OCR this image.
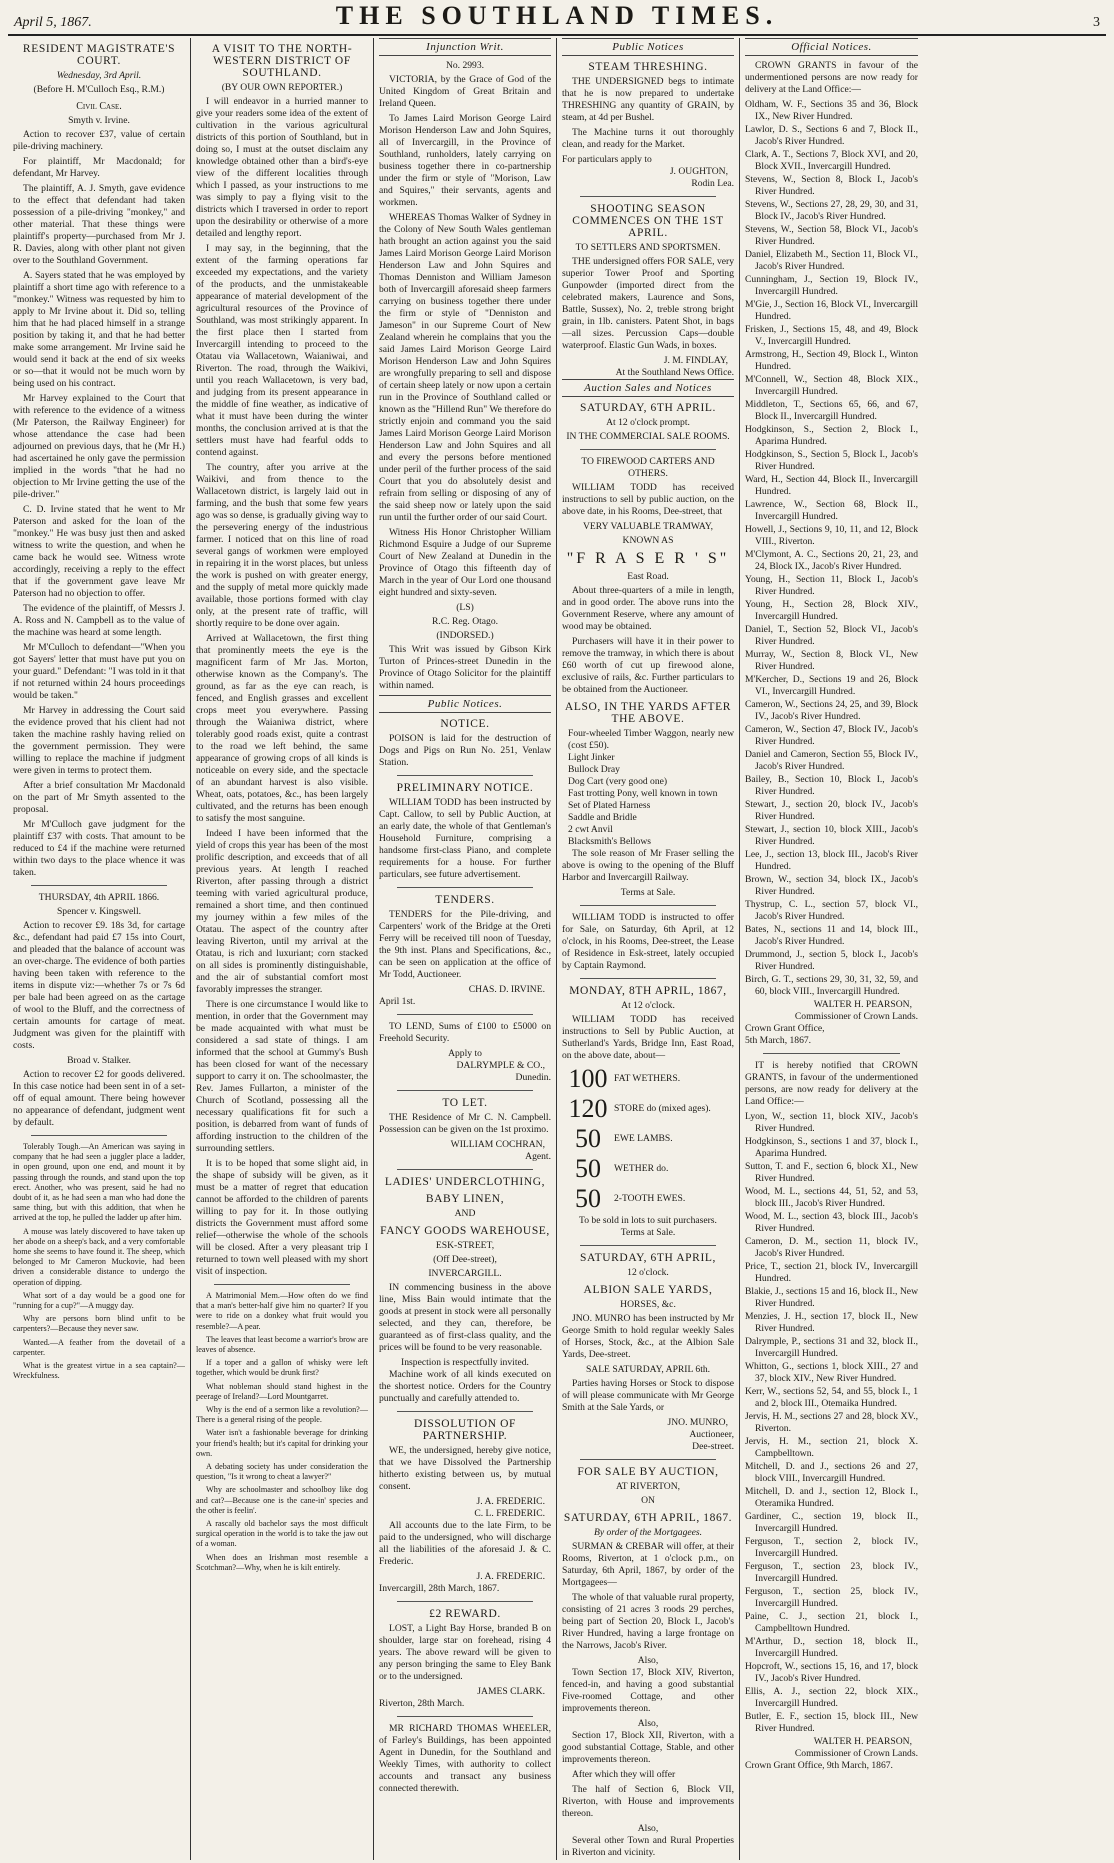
April 5, 1867.	THE SOUTHLAND TIMES.	3
RESIDENT MAGISTRATE'S COURT.
Wednesday, 3rd April.
(Before H. M'Culloch Esq., R.M.)
Civil Case.
Smyth v. Irvine.

Action to recover £37, value of certain pile-driving machinery.

For plaintiff, Mr Macdonald; for defendant, Mr Harvey.

The plaintiff, A. J. Smyth, gave evidence to the effect that defendant had taken possession of a pile-driving "monkey," and other material. That these things were plaintiff's property—purchased from Mr J. R. Davies, along with other plant not given over to the Southland Government.

A. Sayers stated that he was employed by plaintiff a short time ago with reference to a "monkey." Witness was requested by him to apply to Mr Irvine about it. Did so, telling him that he had placed himself in a strange position by taking it, and that he had better make some arrangement. Mr Irvine said he would send it back at the end of six weeks or so—that it would not be much worn by being used on his contract.

Mr Harvey explained to the Court that with reference to the evidence of a witness (Mr Paterson, the Railway Engineer) for whose attendance the case had been adjourned on previous days, that he (Mr H.) had ascertained he only gave the permission implied in the words "that he had no objection to Mr Irvine getting the use of the pile-driver."

C. D. Irvine stated that he went to Mr Paterson and asked for the loan of the "monkey." He was busy just then and asked witness to write the question, and when he came back he would see. Witness wrote accordingly, receiving a reply to the effect that if the government gave leave Mr Paterson had no objection to offer.

The evidence of the plaintiff, of Messrs J. A. Ross and N. Campbell as to the value of the machine was heard at some length.

Mr M'Culloch to defendant—"When you got Sayers' letter that must have put you on your guard." Defendant: "I was told in it that if not returned within 24 hours proceedings would be taken."

Mr Harvey in addressing the Court said the evidence proved that his client had not taken the machine rashly having relied on the government permission. They were willing to replace the machine if judgment were given in terms to protect them.

After a brief consultation Mr Macdonald on the part of Mr Smyth assented to the proposal.

Mr M'Culloch gave judgment for the plaintiff £37 with costs. That amount to be reduced to £4 if the machine were returned within two days to the place whence it was taken.

THURSDAY, 4th APRIL 1866.
Spencer v. Kingswell.

Action to recover £9. 18s 3d, for cartage &c., defendant had paid £7 15s into Court, and pleaded that the balance of account was an over-charge. The evidence of both parties having been taken with reference to the items in dispute viz:—whether 7s or 7s 6d per bale had been agreed on as the cartage of wool to the Bluff, and the correctness of certain amounts for cartage of meat. Judgment was given for the plaintiff with costs.

Broad v. Stalker.

Action to recover £2 for goods delivered. In this case notice had been sent in of a set-off of equal amount. There being however no appearance of defendant, judgment went by default.

Tolerably Tough.—An American was saying in company that he had seen a juggler place a ladder, in open ground, upon one end, and mount it by passing through the rounds, and stand upon the top erect. Another, who was present, said he had no doubt of it, as he had seen a man who had done the same thing, but with this addition, that when he arrived at the top, he pulled the ladder up after him.

A mouse was lately discovered to have taken up her abode on a sheep's back, and a very comfortable home she seems to have found it. The sheep, which belonged to Mr Cameron Muckovie, had been driven a considerable distance to undergo the operation of dipping.

What sort of a day would be a good one for "running for a cup?"—A muggy day.

Why are persons born blind unfit to be carpenters?—Because they never saw.

Wanted.—A feather from the dovetail of a carpenter.

What is the greatest virtue in a sea captain?—Wreckfulness.

A VISIT TO THE NORTH-WESTERN DISTRICT OF SOUTHLAND.
(BY OUR OWN REPORTER.)

I will endeavor in a hurried manner to give your readers some idea of the extent of cultivation in the various agricultural districts of this portion of Southland, but in doing so, I must at the outset disclaim any knowledge obtained other than a bird's-eye view of the different localities through which I passed, as your instructions to me was simply to pay a flying visit to the districts which I traversed in order to report upon the desirability or otherwise of a more detailed and lengthy report.

I may say, in the beginning, that the extent of the farming operations far exceeded my expectations, and the variety of the products, and the unmistakeable appearance of material development of the agricultural resources of the Province of Southland, was most strikingly apparent. In the first place then I started from Invercargill intending to proceed to the Otatau via Wallacetown, Waianiwai, and Riverton. The road, through the Waikivi, until you reach Wallacetown, is very bad, and judging from its present appearance in the middle of fine weather, as indicative of what it must have been during the winter months, the conclusion arrived at is that the settlers must have had fearful odds to contend against.

The country, after you arrive at the Waikivi, and from thence to the Wallacetown district, is largely laid out in farming, and the bush that some few years ago was so dense, is gradually giving way to the persevering energy of the industrious farmer. I noticed that on this line of road several gangs of workmen were employed in repairing it in the worst places, but unless the work is pushed on with greater energy, and the supply of metal more quickly made available, those portions formed with clay only, at the present rate of traffic, will shortly require to be done over again.

Arrived at Wallacetown, the first thing that prominently meets the eye is the magnificent farm of Mr Jas. Morton, otherwise known as the Company's. The ground, as far as the eye can reach, is fenced, and English grasses and excellent crops meet you everywhere. Passing through the Waianiwa district, where tolerably good roads exist, quite a contrast to the road we left behind, the same appearance of growing crops of all kinds is noticeable on every side, and the spectacle of an abundant harvest is also visible. Wheat, oats, potatoes, &c., has been largely cultivated, and the returns has been enough to satisfy the most sanguine.

Indeed I have been informed that the yield of crops this year has been of the most prolific description, and exceeds that of all previous years. At length I reached Riverton, after passing through a district teeming with varied agricultural produce, remained a short time, and then continued my journey within a few miles of the Otatau. The aspect of the country after leaving Riverton, until my arrival at the Otatau, is rich and luxuriant; corn stacked on all sides is prominently distinguishable, and the air of substantial comfort most favorably impresses the stranger.

There is one circumstance I would like to mention, in order that the Government may be made acquainted with what must be considered a sad state of things. I am informed that the school at Gummy's Bush has been closed for want of the necessary support to carry it on. The schoolmaster, the Rev. James Fullarton, a minister of the Church of Scotland, possessing all the necessary qualifications fit for such a position, is debarred from want of funds of affording instruction to the children of the surrounding settlers.

It is to be hoped that some slight aid, in the shape of subsidy will be given, as it must be a matter of regret that education cannot be afforded to the children of parents willing to pay for it. In those outlying districts the Government must afford some relief—otherwise the whole of the schools will be closed. After a very pleasant trip I returned to town well pleased with my short visit of inspection.

A Matrimonial Mem.—How often do we find that a man's better-half give him no quarter? If you were to ride on a donkey what fruit would you resemble?—A pear.

The leaves that least become a warrior's brow are leaves of absence.

If a toper and a gallon of whisky were left together, which would be drunk first?

What nobleman should stand highest in the peerage of Ireland?—Lord Mountgarret.

Why is the end of a sermon like a revolution?—There is a general rising of the people.

Water isn't a fashionable beverage for drinking your friend's health; but it's capital for drinking your own.

A debating society has under consideration the question, "Is it wrong to cheat a lawyer?"

Why are schoolmaster and schoolboy like dog and cat?—Because one is the cane-in' species and the other is feelin'.

A rascally old bachelor says the most difficult surgical operation in the world is to take the jaw out of a woman.

When does an Irishman most resemble a Scotchman?—Why, when he is kilt entirely.

Injunction Writ.
No. 2993.

VICTORIA, by the Grace of God of the United Kingdom of Great Britain and Ireland Queen.

To James Laird Morison George Laird Morison Henderson Law and John Squires, all of Invercargill, in the Province of Southland, runholders, lately carrying on business together there in co-partnership under the firm or style of "Morison, Law and Squires," their servants, agents and workmen.

WHEREAS Thomas Walker of Sydney in the Colony of New South Wales gentleman hath brought an action against you the said James Laird Morison George Laird Morison Henderson Law and John Squires and Thomas Denniston and William Jameson both of Invercargill aforesaid sheep farmers carrying on business together there under the firm or style of "Denniston and Jameson" in our Supreme Court of New Zealand wherein he complains that you the said James Laird Morison George Laird Morison Henderson Law and John Squires are wrongfully preparing to sell and dispose of certain sheep lately or now upon a certain run in the Province of Southland called or known as the "Hillend Run" We therefore do strictly enjoin and command you the said James Laird Morison George Laird Morison Henderson Law and John Squires and all and every the persons before mentioned under peril of the further process of the said Court that you do absolutely desist and refrain from selling or disposing of any of the said sheep now or lately upon the said run until the further order of our said Court.

Witness His Honor Christopher William Richmond Esquire a Judge of our Supreme Court of New Zealand at Dunedin in the Province of Otago this fifteenth day of March in the year of Our Lord one thousand eight hundred and sixty-seven.

(LS)
R.C. Reg. Otago.
(INDORSED.)

This Writ was issued by Gibson Kirk Turton of Princes-street Dunedin in the Province of Otago Solicitor for the plaintiff within named.

Public Notices.
NOTICE.

POISON is laid for the destruction of Dogs and Pigs on Run No. 251, Venlaw Station.

PRELIMINARY NOTICE.

WILLIAM TODD has been instructed by Capt. Callow, to sell by Public Auction, at an early date, the whole of that Gentleman's Household Furniture, comprising a handsome first-class Piano, and complete requirements for a house. For further particulars, see future advertisement.

TENDERS.

TENDERS for the Pile-driving, and Carpenters' work of the Bridge at the Oreti Ferry will be received till noon of Tuesday, the 9th inst. Plans and Specifications, &c., can be seen on application at the office of Mr Todd, Auctioneer.

CHAS. D. IRVINE.
April 1st.

TO LEND, Sums of £100 to £5000 on Freehold Security.

Apply to
DALRYMPLE & CO.,
Dunedin.
TO LET.

THE Residence of Mr C. N. Campbell. Possession can be given on the 1st proximo.

WILLIAM COCHRAN,
Agent.
LADIES' UNDERCLOTHING,
BABY LINEN,
AND
FANCY GOODS WAREHOUSE,
ESK-STREET,
(Off Dee-street),
INVERCARGILL.

IN commencing business in the above line, Miss Bain would intimate that the goods at present in stock were all personally selected, and they can, therefore, be guaranteed as of first-class quality, and the prices will be found to be very reasonable.

Inspection is respectfully invited.

Machine work of all kinds executed on the shortest notice. Orders for the Country punctually and carefully attended to.

DISSOLUTION OF PARTNERSHIP.

WE, the undersigned, hereby give notice, that we have Dissolved the Partnership hitherto existing between us, by mutual consent.

J. A. FREDERIC.
C. L. FREDERIC.

All accounts due to the late Firm, to be paid to the undersigned, who will discharge all the liabilities of the aforesaid J. & C. Frederic.

J. A. FREDERIC.
Invercargill, 28th March, 1867.
£2 REWARD.

LOST, a Light Bay Horse, branded B on shoulder, large star on forehead, rising 4 years. The above reward will be given to any person bringing the same to Eley Bank or to the undersigned.

JAMES CLARK.
Riverton, 28th March.

MR RICHARD THOMAS WHEELER, of Farley's Buildings, has been appointed Agent in Dunedin, for the Southland and Weekly Times, with authority to collect accounts and transact any business connected therewith.

Public Notices
STEAM THRESHING.

THE UNDERSIGNED begs to intimate that he is now prepared to undertake THRESHING any quantity of GRAIN, by steam, at 4d per Bushel.

The Machine turns it out thoroughly clean, and ready for the Market.

For particulars apply to
J. OUGHTON,
Rodin Lea.
SHOOTING SEASON COMMENCES ON THE 1ST APRIL.
TO SETTLERS AND SPORTSMEN.

THE undersigned offers FOR SALE, very superior Tower Proof and Sporting Gunpowder (imported direct from the celebrated makers, Laurence and Sons, Battle, Sussex), No. 2, treble strong bright grain, in 1lb. canisters. Patent Shot, in bags—all sizes. Percussion Caps—double waterproof. Elastic Gun Wads, in boxes.

J. M. FINDLAY,
At the Southland News Office.
Auction Sales and Notices
SATURDAY, 6TH APRIL.
At 12 o'clock prompt.
IN THE COMMERCIAL SALE ROOMS.
TO FIREWOOD CARTERS AND OTHERS.

WILLIAM TODD has received instructions to sell by public auction, on the above date, in his Rooms, Dee-street, that

VERY VALUABLE TRAMWAY,
KNOWN AS
"F R A S E R ' S"
East Road.

About three-quarters of a mile in length, and in good order. The above runs into the Government Reserve, where any amount of wood may be obtained.

Purchasers will have it in their power to remove the tramway, in which there is about £60 worth of cut up firewood alone, exclusive of rails, &c. Further particulars to be obtained from the Auctioneer.

ALSO, IN THE YARDS AFTER THE ABOVE.

Four-wheeled Timber Waggon, nearly new (cost £50).

Light Jinker

Bullock Dray

Dog Cart (very good one)

Fast trotting Pony, well known in town

Set of Plated Harness

Saddle and Bridle

2 cwt Anvil

Blacksmith's Bellows

The sole reason of Mr Fraser selling the above is owing to the opening of the Bluff Harbor and Invercargill Railway.

Terms at Sale.

WILLIAM TODD is instructed to offer for Sale, on Saturday, 6th April, at 12 o'clock, in his Rooms, Dee-street, the Lease of Residence in Esk-street, lately occupied by Captain Raymond.

MONDAY, 8TH APRIL, 1867,
At 12 o'clock.

WILLIAM TODD has received instructions to Sell by Public Auction, at Sutherland's Yards, Bridge Inn, East Road, on the above date, about—

100 FAT WETHERS.
120 STORE do (mixed ages).
50	EWE LAMBS.
50	WETHER do.
50	2-TOOTH EWES.
To be sold in lots to suit purchasers.
Terms at Sale.
SATURDAY, 6TH APRIL,
12 o'clock.
ALBION SALE YARDS,
HORSES, &c.

JNO. MUNRO has been instructed by Mr George Smith to hold regular weekly Sales of Horses, Stock, &c., at the Albion Sale Yards, Dee-street.

SALE SATURDAY, APRIL 6th.

Parties having Horses or Stock to dispose of will please communicate with Mr George Smith at the Sale Yards, or

JNO. MUNRO,
Auctioneer,
Dee-street.
FOR SALE BY AUCTION,
AT RIVERTON,
ON
SATURDAY, 6TH APRIL, 1867.
By order of the Mortgagees.

SURMAN & CREBAR will offer, at their Rooms, Riverton, at 1 o'clock p.m., on Saturday, 6th April, 1867, by order of the Mortgagees—

The whole of that valuable rural property, consisting of 21 acres 3 roods 29 perches, being part of Section 20, Block I., Jacob's River Hundred, having a large frontage on the Narrows, Jacob's River.

Also,

Town Section 17, Block XIV, Riverton, fenced-in, and having a good substantial Five-roomed Cottage, and other improvements thereon.

Also,

Section 17, Block XII, Riverton, with a good substantial Cottage, Stable, and other improvements thereon.

After which they will offer

The half of Section 6, Block VII, Riverton, with House and improvements thereon.

Also,

Several other Town and Rural Properties in Riverton and vicinity.

Official Notices.

CROWN GRANTS in favour of the undermentioned persons are now ready for delivery at the Land Office:—

Oldham, W. F., Sections 35 and 36, Block IX., New River Hundred.

Lawlor, D. S., Sections 6 and 7, Block II., Jacob's River Hundred.

Clark, A. T., Sections 7, Block XVI, and 20, Block XVII., Invercargill Hundred.

Stevens, W., Section 8, Block I., Jacob's River Hundred.

Stevens, W., Sections 27, 28, 29, 30, and 31, Block IV., Jacob's River Hundred.

Stevens, W., Section 58, Block VI., Jacob's River Hundred.

Daniel, Elizabeth M., Section 11, Block VI., Jacob's River Hundred.

Cunningham, J., Section 19, Block IV., Invercargill Hundred.

M'Gie, J., Section 16, Block VI., Invercargill Hundred.

Frisken, J., Sections 15, 48, and 49, Block V., Invercargill Hundred.

Armstrong, H., Section 49, Block I., Winton Hundred.

M'Connell, W., Section 48, Block XIX., Invercargill Hundred.

Middleton, T., Sections 65, 66, and 67, Block II., Invercargill Hundred.

Hodgkinson, S., Section 2, Block I., Aparima Hundred.

Hodgkinson, S., Section 5, Block I., Jacob's River Hundred.

Ward, H., Section 44, Block II., Invercargill Hundred.

Lawrence, W., Section 68, Block II., Invercargill Hundred.

Howell, J., Sections 9, 10, 11, and 12, Block VIII., Riverton.

M'Clymont, A. C., Sections 20, 21, 23, and 24, Block IX., Jacob's River Hundred.

Young, H., Section 11, Block I., Jacob's River Hundred.

Young, H., Section 28, Block XIV., Invercargill Hundred.

Daniel, T., Section 52, Block VI., Jacob's River Hundred.

Murray, W., Section 8, Block VI., New River Hundred.

M'Kercher, D., Sections 19 and 26, Block VI., Invercargill Hundred.

Cameron, W., Sections 24, 25, and 39, Block IV., Jacob's River Hundred.

Cameron, W., Section 47, Block IV., Jacob's River Hundred.

Daniel and Cameron, Section 55, Block IV., Jacob's River Hundred.

Bailey, B., Section 10, Block I., Jacob's River Hundred.

Stewart, J., section 20, block IV., Jacob's River Hundred.

Stewart, J., section 10, block XIII., Jacob's River Hundred.

Lee, J., section 13, block III., Jacob's River Hundred.

Brown, W., section 34, block IX., Jacob's River Hundred.

Thystrup, C. L., section 57, block VI., Jacob's River Hundred.

Bates, N., sections 11 and 14, block III., Jacob's River Hundred.

Drummond, J., section 5, block I., Jacob's River Hundred.

Birch, G. T., sections 29, 30, 31, 32, 59, and 60, block VIII., Invercargill Hundred.

WALTER H. PEARSON,
Commissioner of Crown Lands.
Crown Grant Office,
5th March, 1867.

IT is hereby notified that CROWN GRANTS, in favour of the undermentioned persons, are now ready for delivery at the Land Office:—

Lyon, W., section 11, block XIV., Jacob's River Hundred.

Hodgkinson, S., sections 1 and 37, block I., Aparima Hundred.

Sutton, T. and F., section 6, block XI., New River Hundred.

Wood, M. L., sections 44, 51, 52, and 53, block III., Jacob's River Hundred.

Wood, M. L., section 43, block III., Jacob's River Hundred.

Cameron, D. M., section 11, block IV., Jacob's River Hundred.

Price, T., section 21, block IV., Invercargill Hundred.

Blakie, J., sections 15 and 16, block II., New River Hundred.

Menzies, J. H., section 17, block II., New River Hundred.

Dalrymple, P., sections 31 and 32, block II., Invercargill Hundred.

Whitton, G., sections 1, block XIII., 27 and 37, block XIV., New River Hundred.

Kerr, W., sections 52, 54, and 55, block I., 1 and 2, block III., Otemaika Hundred.

Jervis, H. M., sections 27 and 28, block XV., Riverton.

Jervis, H. M., section 21, block X. Campbelltown.

Mitchell, D. and J., sections 26 and 27, block VIII., Invercargill Hundred.

Mitchell, D. and J., section 12, Block I., Oteramika Hundred.

Gardiner, C., section 19, block II., Invercargill Hundred.

Ferguson, T., section 2, block IV., Invercargill Hundred.

Ferguson, T., section 23, block IV., Invercargill Hundred.

Ferguson, T., section 25, block IV., Invercargill Hundred.

Paine, C. J., section 21, block I., Campbelltown Hundred.

M'Arthur, D., section 18, block II., Invercargill Hundred.

Hopcroft, W., sections 15, 16, and 17, block IV., Jacob's River Hundred.

Ellis, A. J., section 22, block XIX., Invercargill Hundred.

Butler, E. F., section 15, block III., New River Hundred.

WALTER H. PEARSON,
Commissioner of Crown Lands.
Crown Grant Office, 9th March, 1867.
